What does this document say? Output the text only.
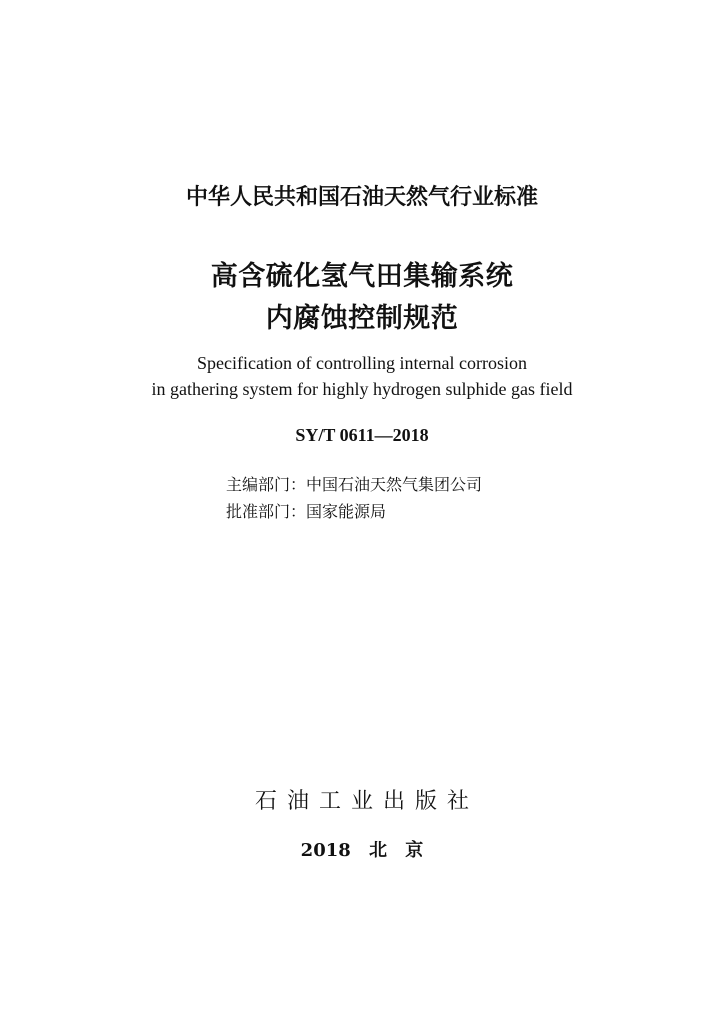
中华人民共和国石油天然气行业标准
高含硫化氢气田集输系统
内腐蚀控制规范
Specification of controlling internal corrosion
in gathering system for highly hydrogen sulphide gas field
SY/T 0611—2018
主编部门：中国石油天然气集团公司
批准部门：国家能源局
石油工业出版社
2018 北 京
